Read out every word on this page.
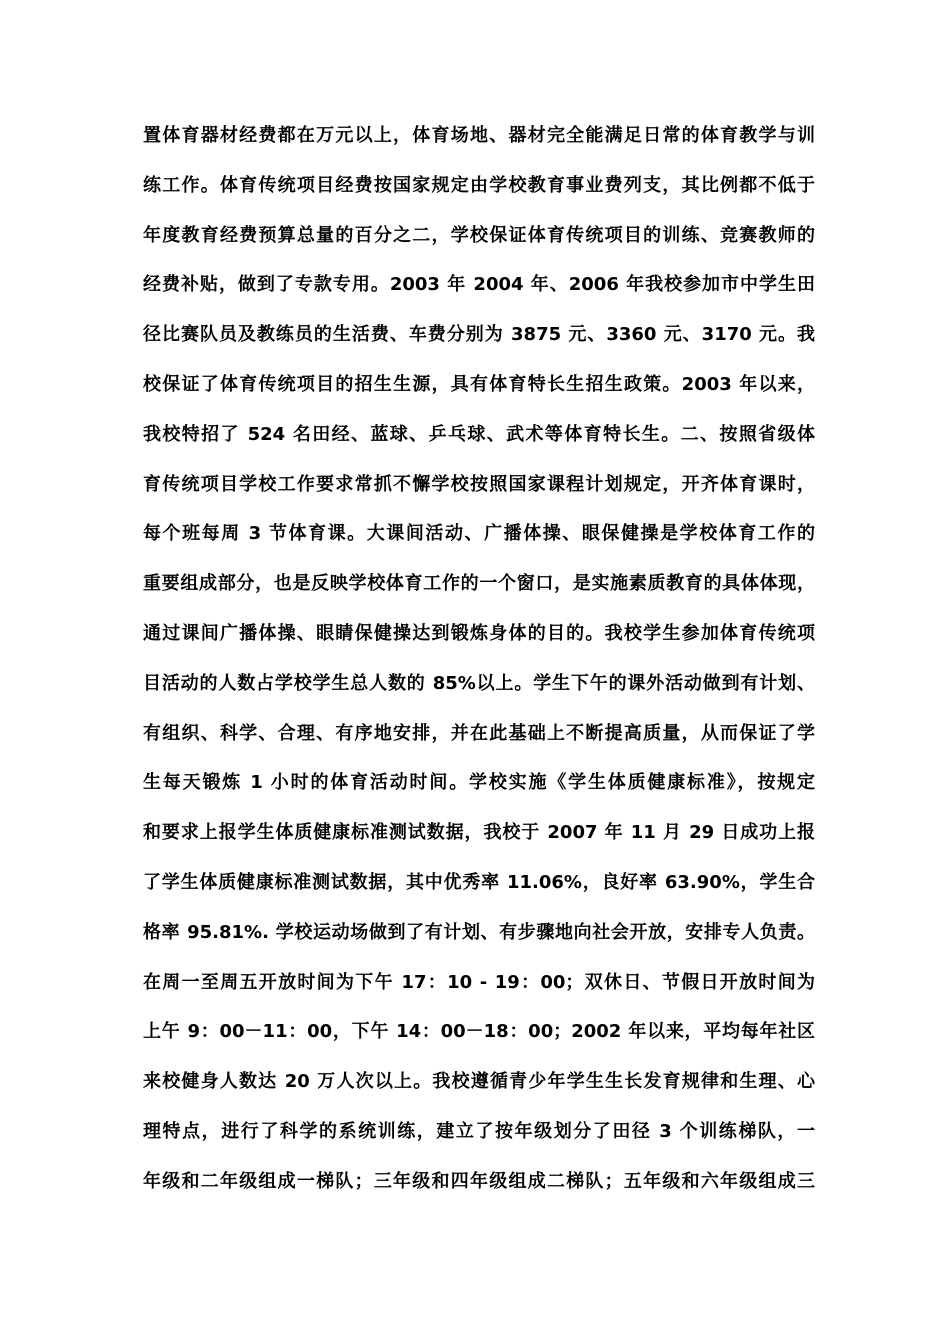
置体育器材经费都在万元以上，体育场地、器材完全能满足日常的体育教学与训
练工作。体育传统项目经费按国家规定由学校教育事业费列支，其比例都不低于
年度教育经费预算总量的百分之二，学校保证体育传统项目的训练、竞赛教师的
经费补贴，做到了专款专用。2003 年 2004 年、2006 年我校参加市中学生田
径比赛队员及教练员的生活费、车费分别为 3875 元、3360 元、3170 元。我
校保证了体育传统项目的招生生源，具有体育特长生招生政策。2003 年以来，
我校特招了 524 名田经、蓝球、乒乓球、武术等体育特长生。二、按照省级体
育传统项目学校工作要求常抓不懈学校按照国家课程计划规定，开齐体育课时，
每个班每周 3 节体育课。大课间活动、广播体操、眼保健操是学校体育工作的
重要组成部分，也是反映学校体育工作的一个窗口，是实施素质教育的具体体现，
通过课间广播体操、眼睛保健操达到锻炼身体的目的。我校学生参加体育传统项
目活动的人数占学校学生总人数的 85%以上。学生下午的课外活动做到有计划、
有组织、科学、合理、有序地安排，并在此基础上不断提高质量，从而保证了学
生每天锻炼 1 小时的体育活动时间。学校实施《学生体质健康标准》，按规定
和要求上报学生体质健康标准测试数据，我校于 2007 年 11 月 29 日成功上报
了学生体质健康标准测试数据，其中优秀率 11.06%，良好率 63.90%，学生合
格率 95.81%. 学校运动场做到了有计划、有步骤地向社会开放，安排专人负责。
在周一至周五开放时间为下午 17：10 - 19：00；双休日、节假日开放时间为
上午 9：00－11：00，下午 14：00－18：00；2002 年以来，平均每年社区
来校健身人数达 20 万人次以上。我校遵循青少年学生生长发育规律和生理、心
理特点，进行了科学的系统训练，建立了按年级划分了田径 3 个训练梯队，一
年级和二年级组成一梯队；三年级和四年级组成二梯队；五年级和六年级组成三
